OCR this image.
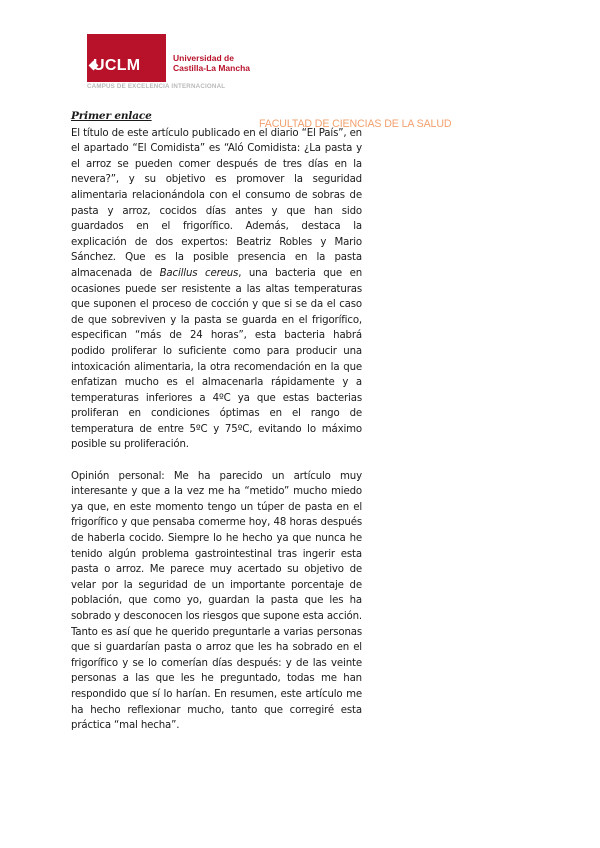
UCLM	Universidad de
Castilla-La Mancha
CAMPUS DE EXCELENCIA INTERNACIONAL
FACULTAD DE CIENCIAS DE LA SALUD
Primer enlace

El título de este artículo publicado en el diario “El País”, en el apartado “El Comidista” es “Aló Comidista: ¿La pasta y el arroz se pueden comer después de tres días en la nevera?”, y su objetivo es promover la seguridad alimentaria relacionándola con el consumo de sobras de pasta y arroz, cocidos días antes y que han sido guardados en el frigorífico. Además, destaca la explicación de dos expertos: Beatriz Robles y Mario Sánchez. Que es la posible presencia en la pasta almacenada de Bacillus cereus, una bacteria que en ocasiones puede ser resistente a las altas temperaturas que suponen el proceso de cocción y que si se da el caso de que sobreviven y la pasta se guarda en el frigorífico, especifican “más de 24 horas”, esta bacteria habrá podido proliferar lo suficiente como para producir una intoxicación alimentaria, la otra recomendación en la que enfatizan mucho es el almacenarla rápidamente y a temperaturas inferiores a 4ºC ya que estas bacterias proliferan en condiciones óptimas en el rango de temperatura de entre 5ºC y 75ºC, evitando lo máximo posible su proliferación.

Opinión personal: Me ha parecido un artículo muy interesante y que a la vez me ha “metido” mucho miedo ya que, en este momento tengo un túper de pasta en el frigorífico y que pensaba comerme hoy, 48 horas después de haberla cocido. Siempre lo he hecho ya que nunca he tenido algún problema gastrointestinal tras ingerir esta pasta o arroz. Me parece muy acertado su objetivo de velar por la seguridad de un importante porcentaje de población, que como yo, guardan la pasta que les ha sobrado y desconocen los riesgos que supone esta acción. Tanto es así que he querido preguntarle a varias personas que si guardarían pasta o arroz que les ha sobrado en el frigorífico y se lo comerían días después: y de las veinte personas a las que les he preguntado, todas me han respondido que sí lo harían. En resumen, este artículo me ha hecho reflexionar mucho, tanto que corregiré esta práctica “mal hecha”.
